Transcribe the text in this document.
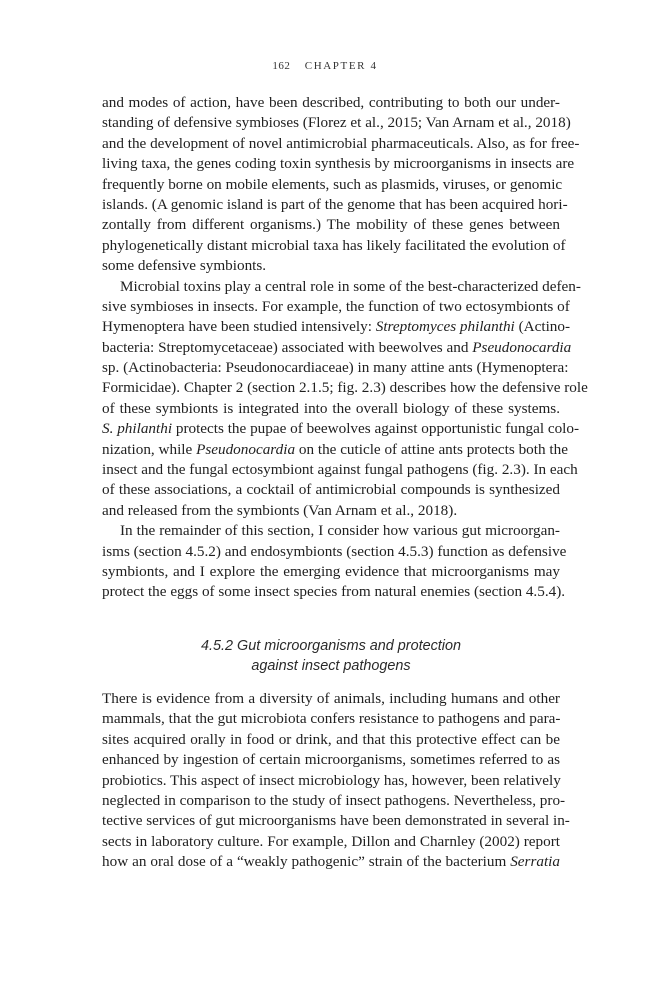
162 CHAPTER 4
and modes of action, have been described, contributing to both our under-
standing of defensive symbioses (Florez et al., 2015; Van Arnam et al., 2018)
and the development of novel antimicrobial pharmaceuticals. Also, as for free-
living taxa, the genes coding toxin synthesis by microorganisms in insects are
frequently borne on mobile elements, such as plasmids, viruses, or genomic
islands. (A genomic island is part of the genome that has been acquired hori-
zontally from different organisms.) The mobility of these genes between
phylogenetically distant microbial taxa has likely facilitated the evolution of
some defensive symbionts.
Microbial toxins play a central role in some of the best-characterized defen-
sive symbioses in insects. For example, the function of two ectosymbionts of
Hymenoptera have been studied intensively: Streptomyces philanthi (Actino-
bacteria: Streptomycetaceae) associated with beewolves and Pseudonocardia
sp. (Actinobacteria: Pseudonocardiaceae) in many attine ants (Hymenoptera:
Formicidae). Chapter 2 (section 2.1.5; fig. 2.3) describes how the defensive role
of these symbionts is integrated into the overall biology of these systems.
S. philanthi protects the pupae of beewolves against opportunistic fungal colo-
nization, while Pseudonocardia on the cuticle of attine ants protects both the
insect and the fungal ectosymbiont against fungal pathogens (fig. 2.3). In each
of these associations, a cocktail of antimicrobial compounds is synthesized
and released from the symbionts (Van Arnam et al., 2018).
In the remainder of this section, I consider how various gut microorgan-
isms (section 4.5.2) and endosymbionts (section 4.5.3) function as defensive
symbionts, and I explore the emerging evidence that microorganisms may
protect the eggs of some insect species from natural enemies (section 4.5.4).
4.5.2 Gut microorganisms and protection
against insect pathogens
There is evidence from a diversity of animals, including humans and other
mammals, that the gut microbiota confers resistance to pathogens and para-
sites acquired orally in food or drink, and that this protective effect can be
enhanced by ingestion of certain microorganisms, sometimes referred to as
probiotics. This aspect of insect microbiology has, however, been relatively
neglected in comparison to the study of insect pathogens. Nevertheless, pro-
tective services of gut microorganisms have been demonstrated in several in-
sects in laboratory culture. For example, Dillon and Charnley (2002) report
how an oral dose of a “weakly pathogenic” strain of the bacterium Serratia
